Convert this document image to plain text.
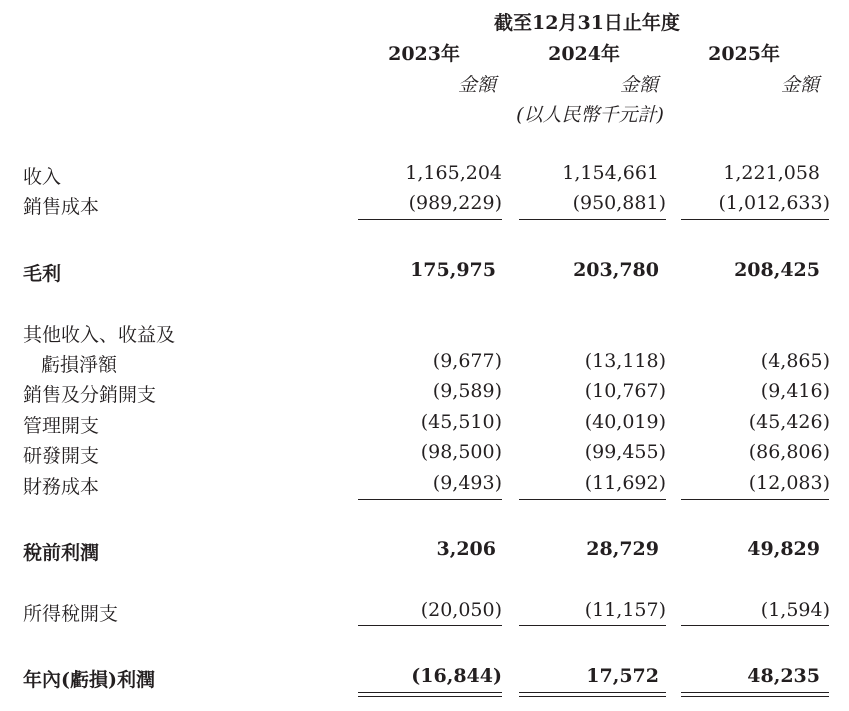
截至12月31日止年度
2023年	2024年	2025年
金額	金額	金額
(以人民幣千元計)
收入	1,165,204	1,154,661	1,221,058
銷售成本	(989,229)	(950,881)	(1,012,633)
毛利	175,975	203,780	208,425
其他收入、收益及
虧損淨額	(9,677)	(13,118)	(4,865)
銷售及分銷開支	(9,589)	(10,767)	(9,416)
管理開支	(45,510)	(40,019)	(45,426)
研發開支	(98,500)	(99,455)	(86,806)
財務成本	(9,493)	(11,692)	(12,083)
稅前利潤	3,206	28,729	49,829
所得稅開支	(20,050)	(11,157)	(1,594)
年內(虧損)利潤	(16,844)	17,572	48,235
